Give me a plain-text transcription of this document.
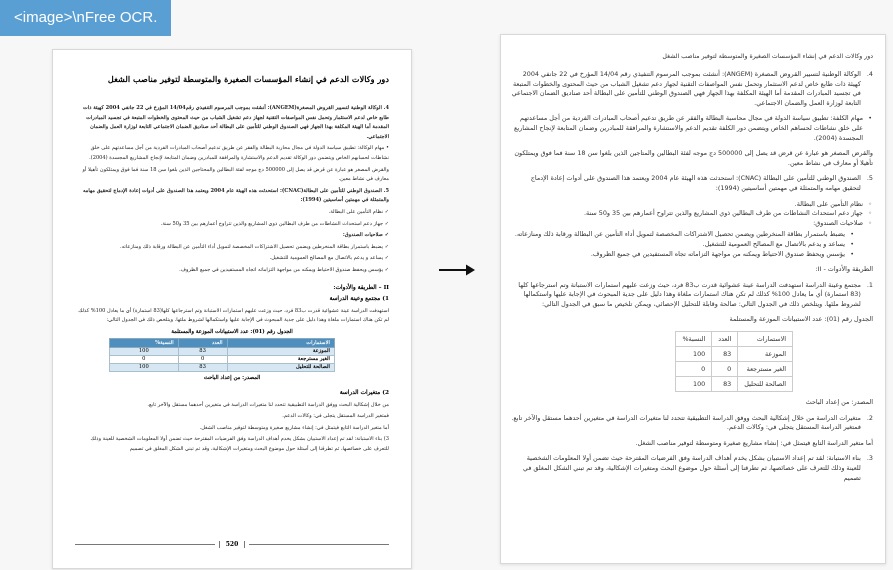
<image>\nFree OCR.
دور وكالات الدعم في إنشاء المؤسسات الصغيرة والمتوسطة لتوفير مناصب الشغل

4. الوكالة الوطنية لتسيير القروض المصغرة(ANGEM): أنشئت بموجب المرسوم التنفيذي رقم14/04 المؤرخ في 22 جانفي 2004 كهيئة ذات طابع خاص لدعم الاستثمار وتحمل نفس المواصفات التقنية لجهاز دعم تشغيل الشباب من حيث المحتوى والخطوات المتبعة في تجسيد المبادرات المقدمة أما الهيئة المكلفة بهذا الجهاز فهي الصندوق الوطني للتأمين على البطالة أحد صناديق الضمان الاجتماعي التابعة لوزارة العمل والضمان الاجتماعي.

• مهام الوكالة: تطبيق سياسة الدولة في مجال محاربة البطالة والفقر عن طريق تدعيم أصحاب المبادرات الفردية من أجل مساعدتهم على خلق نشاطات لحسابهم الخاص ويتضمن دور الوكالة تقديم الدعم والاستشارة والمرافقة للمبادرين وضمان المتابعة لإنجاح المشاريع المجسدة (2004).

والقرض المصغر هو عبارة عن قرض قد يصل إلى 500000 دج موجه لفئة البطالين والمحتاجين الذين بلغوا سن 18 سنة فما فوق ويمتلكون تأهيلا أو معارف في نشاط معين.

5. الصندوق الوطني للتأمين على البطالة(CNAC): استحدثت هذه الهيئة عام 2004 ويعتمد هذا الصندوق على أدوات إعادة الإدماج لتحقيق مهامه والمتمثلة في مهمتين أساسيتين (1994):

✓ نظام التأمين على البطالة.

✓ جهاز دعم استحداث النشاطات من طرف البطالين ذوي المشاريع والذين تتراوح أعمارهم بين 35 و50 سنة.

✓ صلاحيات الصندوق:

✓ يضبط باستمرار بطاقة المنخرطين ويضمن تحصيل الاشتراكات المخصصة لتمويل أداء التأمين عن البطالة ورقابة ذلك ومنازعاته.

✓ يساعد و يدعم بالاتصال مع المصالح العمومية للتشغيل.

✓ يؤسس ويحفظ صندوق الاحتياط ويمكنه من مواجهة التزاماته اتجاه المستفيدين في جميع الظروف.

II – الطريقة والأدوات:
1) مجتمع وعينة الدراسة

استهدفت الدراسة عينة عشوائية قدرت ب83 فرد، حيث وزعت عليهم استمارات الاستبانة وتم استرجاعها كلها(83 استمارة) أي ما يعادل 100% كذلك لم تكن هناك استمارات ملغاة وهذا دليل على جدية المبحوث في الإجابة عليها واستكمالها لشروط ملئها. ويتلخص ذلك في الجدول التالي:

الجدول رقم (01): عدد الاستبيانات الموزعة والمستلمة
الاستمارات	العدد	النسبة%
الموزعة	83	100
الغير مسترجعة	0	0
الصالحة للتحليل	83	100
المصدر: من إعداد الباحث
2) متغيرات الدراسة

من خلال إشكالية البحث ووفق الدراسة التطبيقية تتحدد لنا متغيرات الدراسة في متغيرين أحدهما مستقل والآخر تابع.

فمتغير الدراسة المستقل يتجلى في: وكالات الدعم.

أما متغير الدراسة التابع فيتمثل في: إنشاء مشاريع صغيرة ومتوسطة لتوفير مناصب الشغل.

3) بناء الاستبانة: لقد تم إعداد الاستبيان بشكل يخدم أهداف الدراسة وفق الفرضيات المقترحة حيث تضمن أولا المعلومات الشخصية للعينة وذلك للتعرف على خصائصها، ثم تطرقنا إلى أسئلة حول موضوع البحث ومتغيرات الإشكالية، وقد تم تبني الشكل المغلق في تصميم

520
دور وكالات الدعم في إنشاء المؤسسات الصغيرة والمتوسطة لتوفير مناصب الشغل
4.
الوكالة الوطنية لتسيير القروض المصغرة (ANGEM): أنشئت بموجب المرسوم التنفيذي رقم 14/04 المؤرخ في 22 جانفي 2004 كهيئة ذات طابع خاص لدعم الاستثمار وتحمل نفس المواصفات التقنية لجهاز دعم تشغيل الشباب من حيث المحتوى والخطوات المتبعة في تجسيد المبادرات المقدمة أما الهيئة المكلفة بهذا الجهاز فهي الصندوق الوطني للتأمين على البطالة أحد صناديق الضمان الاجتماعي التابعة لوزارة العمل والضمان الاجتماعي.
• مهام الكلفة: تطبيق سياسة الدولة في مجال محاسبة البطالة والفقر عن طريق تدعيم أصحاب المبادرات الفردية من أجل مساعدتهم على خلق نشاطات لحساهم الخاص ويتضمن دور الكلفة تقديم الدعم والاستشارة والمرافقة للمبادرين وضمان المتابعة لإنجاح المشاريع المجسدة (2004).

والقرض المصغر هو عبارة عن قرض قد يصل إلى 500000 دج موجه لفئة البطالين والمتاجين الذين بلغوا سن 18 سنة فما فوق ويمتلكون تأهيلا أو معارف في نشاط معين.

5.
الصندوق الوطني للتأمين على البطالة (CNAC): استحدثت هذه الهيئة عام 2004 ويعتمد هذا الصندوق على أدوات إعادة الإدماج لتحقيق مهامه والمتمثلة في مهمتين أساسيتين (1994):
◦ نظام التأمين على البطالة.
◦ جهاز دعم استحداث النشاطات من طرف البطالين ذوي المشاريع والذين تتراوح أعمارهم بين 35 و50 سنة.
◦ صلاحيات الصندوق:
• يضبط باستمرار بطاقة المنخرطين ويضمن تحصيل الاشتراكات المخصصة لتمويل أداء التأمين عن البطالة ورقابة ذلك ومنازعاته.
• يساعد و يدعم بالاتصال مع المصالح العمومية للتشغيل.
• يؤسس ويحفظ صندوق الاحتياط ويمكنه من مواجهة التزاماته تجاه المستفيدين في جميع الظروف.

الطريقة والأدوات - II:

1.
مجتمع وعينة الدراسة استهدفت الدراسة عينة عشوائية قدرت ب83 فرد، حيث وزعت عليهم استمارات الاستبانة وتم استرجاعها كلها (83 استمارة) أي ما يعادل 100% كذلك لم تكن هناك استمارات ملغاة وهذا دليل على جدية المبحوث في الإجابة عليها واستكمالها لشروط ملئها. ويتلخص ذلك في الجدول التالي: صالحة وقابلة للتحليل الإحصائي، ويمكن تلخيص ما سبق في الجدول التالي:

الجدول رقم (01): عدد الاستبيانات الموزعة والمستلمة

الاستمارات	العدد	النسبة%
الموزعة	83	100
الغير مسترجعة	0	0
الصالحة للتحليل	83	100

المصدر: من إعداد الباحث

2.
متغيرات الدراسة من خلال إشكالية البحث ووفق الدراسة التطبيقية تتحدد لنا متغيرات الدراسة في متغيرين أحدهما مستقل والآخر تابع. فمتغير الدراسة المستقل يتجلى في: وكالات الدعم.

أما متغير الدراسة التابع فيتمثل في: إنشاء مشاريع صغيرة ومتوسطة لتوفير مناصب الشغل.

3.
بناء الاستبانة: لقد تم إعداد الاستبيان بشكل يخدم أهداف الدراسة وفق الفرضيات المقترحة حيث تضمن أولا المعلومات الشخصية للعينة وذلك للتعرف على خصائصها، ثم تطرقنا إلى أسئلة حول موضوع البحث ومتغيرات الإشكالية، وقد تم تبني الشكل المغلق في تصميم
